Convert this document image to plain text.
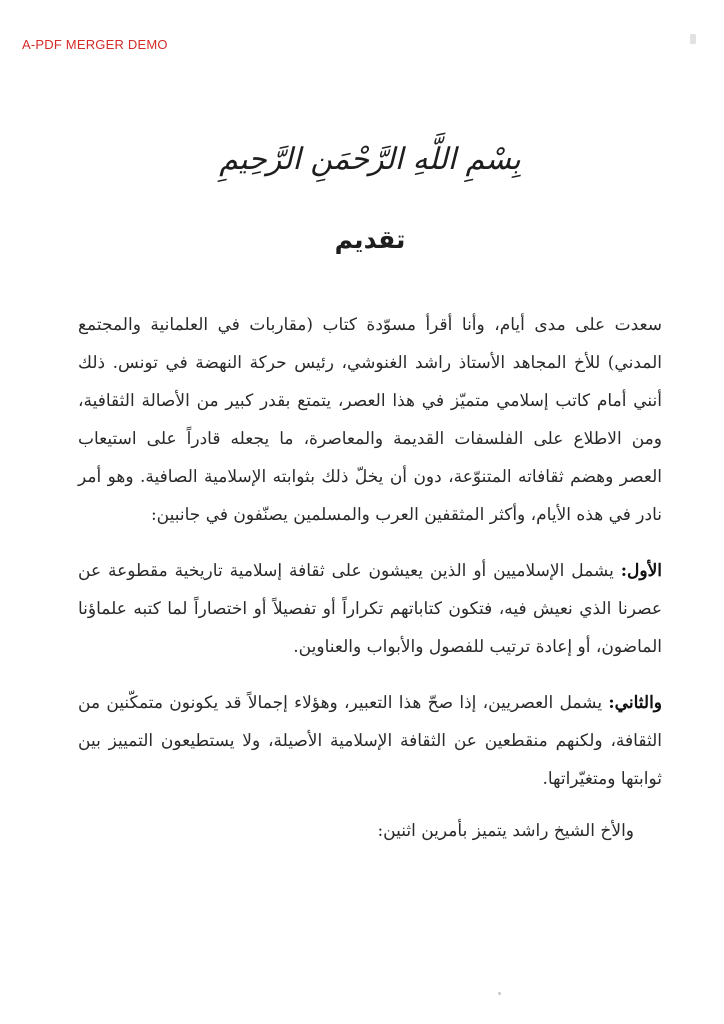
A-PDF MERGER DEMO
بِسْمِ اللَّهِ الرَّحْمَنِ الرَّحِيمِ
تقديم

سعدت على مدى أيام، وأنا أقرأ مسوّدة كتاب (مقاربات في العلمانية والمجتمع المدني) للأخ المجاهد الأستاذ راشد الغنوشي، رئيس حركة النهضة في تونس. ذلك أنني أمام كاتب إسلامي متميّز في هذا العصر، يتمتع بقدر كبير من الأصالة الثقافية، ومن الاطلاع على الفلسفات القديمة والمعاصرة، ما يجعله قادراً على استيعاب العصر وهضم ثقافاته المتنوّعة، دون أن يخلّ ذلك بثوابته الإسلامية الصافية. وهو أمر نادر في هذه الأيام، وأكثر المثقفين العرب والمسلمين يصنّفون في جانبين:

الأول: يشمل الإسلاميين أو الذين يعيشون على ثقافة إسلامية تاريخية مقطوعة عن عصرنا الذي نعيش فيه، فتكون كتاباتهم تكراراً أو تفصيلاً أو اختصاراً لما كتبه علماؤنا الماضون، أو إعادة ترتيب للفصول والأبواب والعناوين.

والثاني: يشمل العصريين، إذا صحّ هذا التعبير، وهؤلاء إجمالاً قد يكونون متمكّنين من الثقافة، ولكنهم منقطعين عن الثقافة الإسلامية الأصيلة، ولا يستطيعون التمييز بين ثوابتها ومتغيّراتها.

والأخ الشيخ راشد يتميز بأمرين اثنين:
